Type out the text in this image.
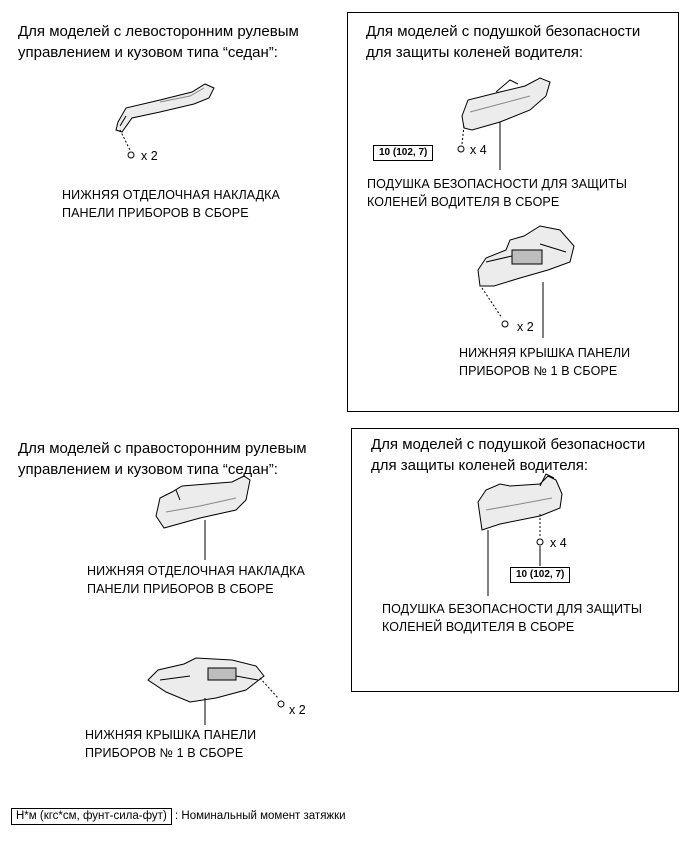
Для моделей с левосторонним рулевым
управлением и кузовом типа “седан”:
x 2
НИЖНЯЯ ОТДЕЛОЧНАЯ НАКЛАДКА
ПАНЕЛИ ПРИБОРОВ В СБОРЕ
Для моделей с подушкой безопасности
для защиты коленей водителя:
10 (102, 7)	x 4
ПОДУШКА БЕЗОПАСНОСТИ ДЛЯ ЗАЩИТЫ
КОЛЕНЕЙ ВОДИТЕЛЯ В СБОРЕ
x 2
НИЖНЯЯ КРЫШКА ПАНЕЛИ
ПРИБОРОВ № 1 В СБОРЕ
Для моделей с правосторонним рулевым
управлением и кузовом типа “седан”:
НИЖНЯЯ ОТДЕЛОЧНАЯ НАКЛАДКА
ПАНЕЛИ ПРИБОРОВ В СБОРЕ
x 2
НИЖНЯЯ КРЫШКА ПАНЕЛИ
ПРИБОРОВ № 1 В СБОРЕ
Для моделей с подушкой безопасности
для защиты коленей водителя:
x 4
10 (102, 7)
ПОДУШКА БЕЗОПАСНОСТИ ДЛЯ ЗАЩИТЫ
КОЛЕНЕЙ ВОДИТЕЛЯ В СБОРЕ
Н*м (кгс*см, фунт-сила-фут) : Номинальный момент затяжки
